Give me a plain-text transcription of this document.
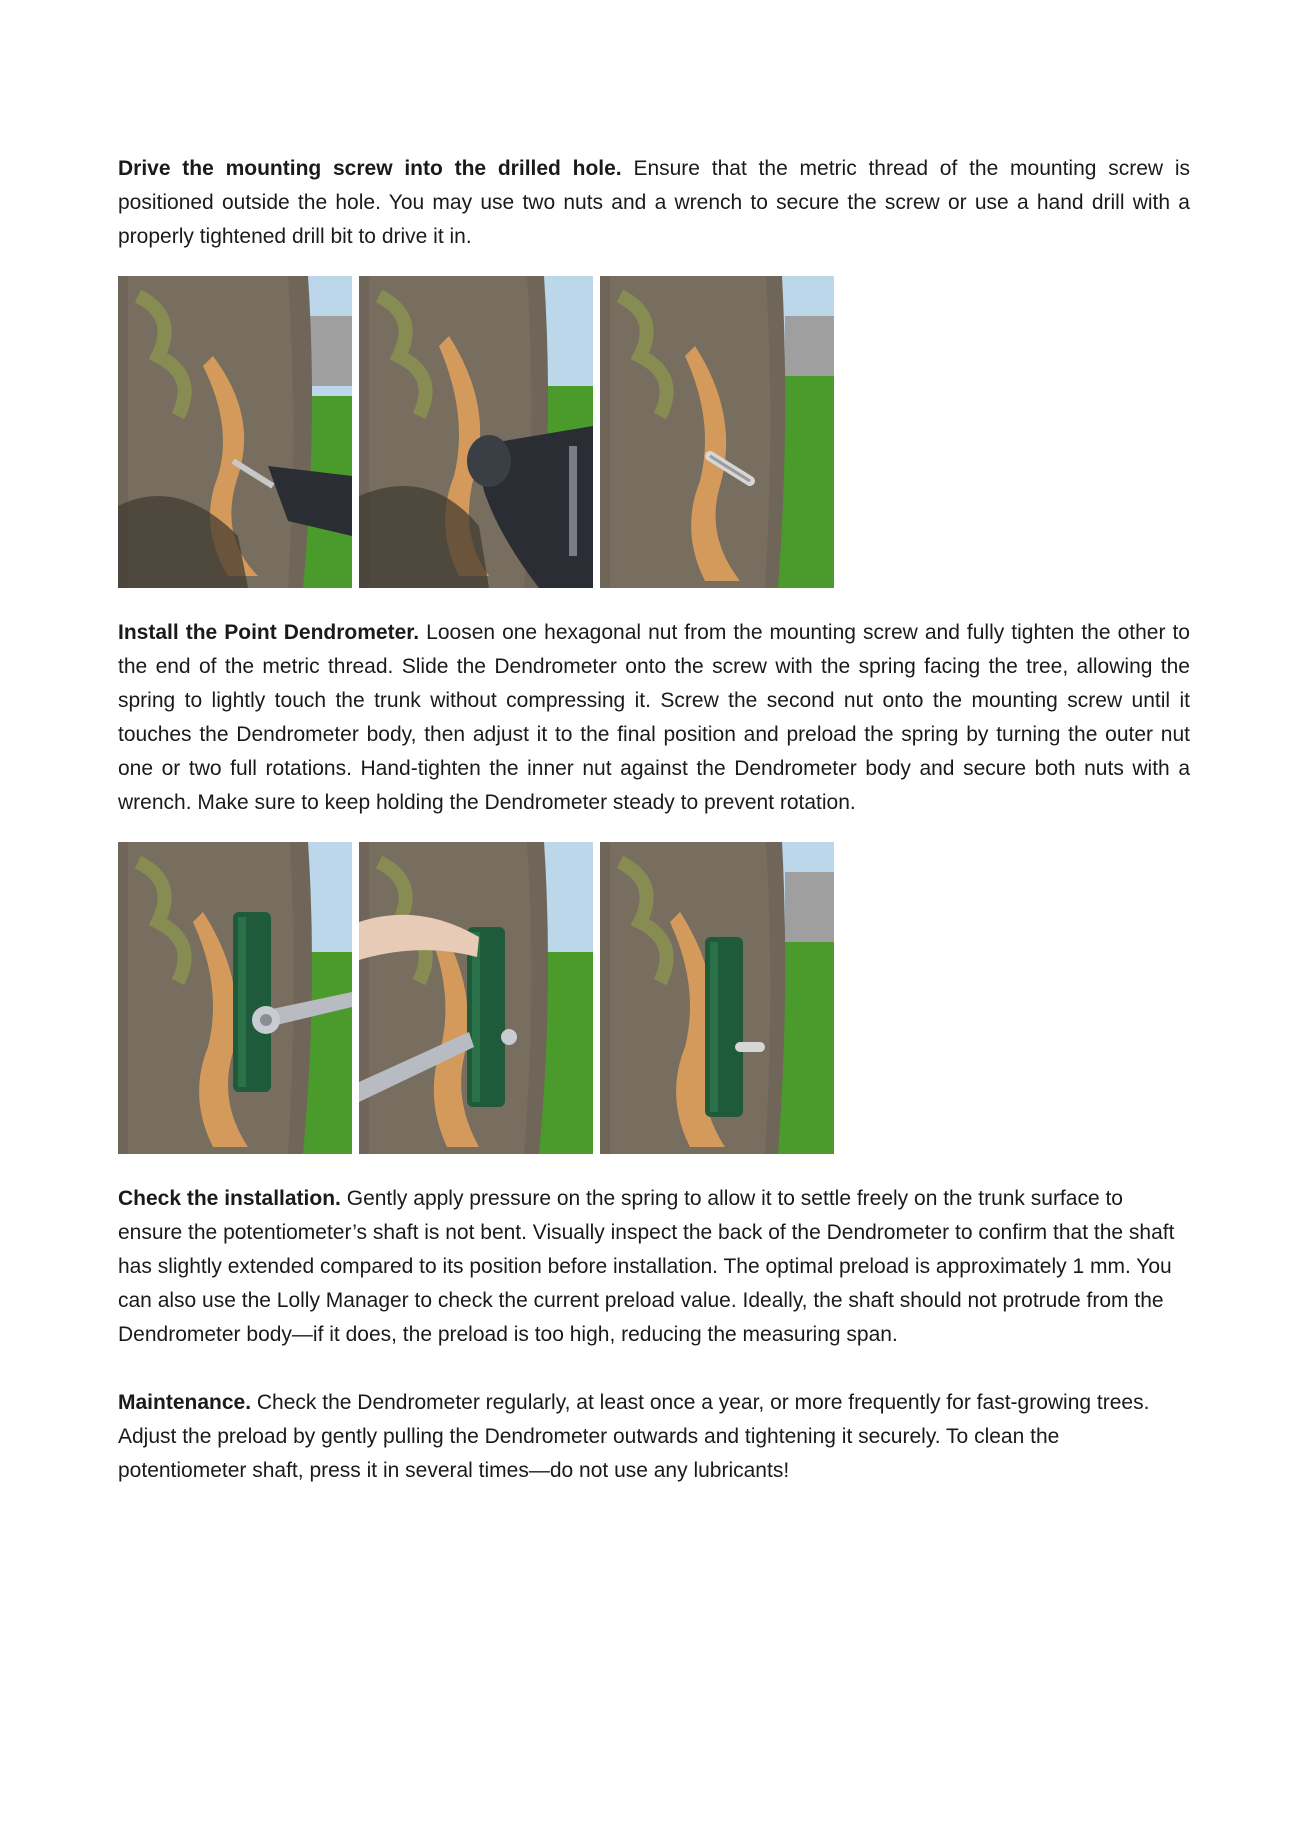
Drive the mounting screw into the drilled hole. Ensure that the metric thread of the mounting screw is positioned outside the hole. You may use two nuts and a wrench to secure the screw or use a hand drill with a properly tightened drill bit to drive it in.

Install the Point Dendrometer. Loosen one hexagonal nut from the mounting screw and fully tighten the other to the end of the metric thread. Slide the Dendrometer onto the screw with the spring facing the tree, allowing the spring to lightly touch the trunk without compressing it. Screw the second nut onto the mounting screw until it touches the Dendrometer body, then adjust it to the final position and preload the spring by turning the outer nut one or two full rotations. Hand-tighten the inner nut against the Dendrometer body and secure both nuts with a wrench. Make sure to keep holding the Dendrometer steady to prevent rotation.

Check the installation. Gently apply pressure on the spring to allow it to settle freely on the trunk surface to ensure the potentiometer’s shaft is not bent. Visually inspect the back of the Dendrometer to confirm that the shaft has slightly extended compared to its position before installation. The optimal preload is approximately 1 mm. You can also use the Lolly Manager to check the current preload value. Ideally, the shaft should not protrude from the Dendrometer body—if it does, the preload is too high, reducing the measuring span.

Maintenance. Check the Dendrometer regularly, at least once a year, or more frequently for fast-growing trees. Adjust the preload by gently pulling the Dendrometer outwards and tightening it securely. To clean the potentiometer shaft, press it in several times—do not use any lubricants!
